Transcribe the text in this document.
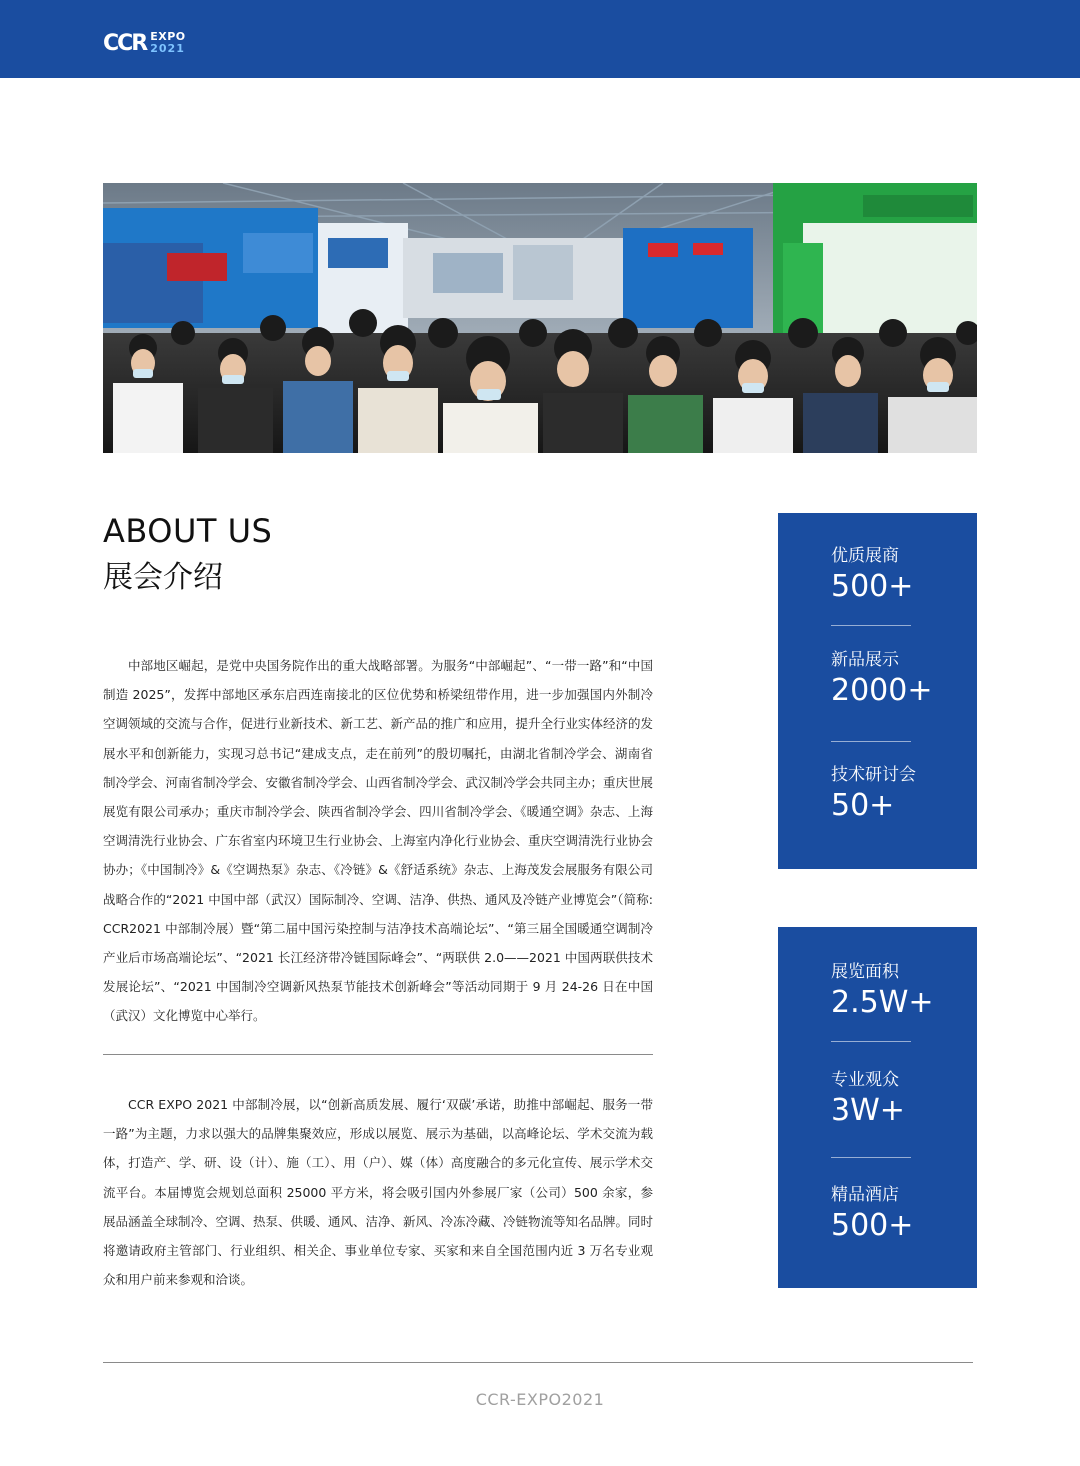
CCR EXPO
2021
ABOUT US
展会介绍

中部地区崛起，是党中央国务院作出的重大战略部署。为服务“中部崛起”、“一带一路”和“中国制造 2025”，发挥中部地区承东启西连南接北的区位优势和桥梁纽带作用，进一步加强国内外制冷空调领域的交流与合作，促进行业新技术、新工艺、新产品的推广和应用，提升全行业实体经济的发展水平和创新能力，实现习总书记“建成支点，走在前列”的殷切嘱托，由湖北省制冷学会、湖南省制冷学会、河南省制冷学会、安徽省制冷学会、山西省制冷学会、武汉制冷学会共同主办；重庆世展展览有限公司承办；重庆市制冷学会、陕西省制冷学会、四川省制冷学会、《暖通空调》杂志、上海空调清洗行业协会、广东省室内环境卫生行业协会、上海室内净化行业协会、重庆空调清洗行业协会协办；《中国制冷》&《空调热泵》杂志、《冷链》&《舒适系统》杂志、上海茂发会展服务有限公司战略合作的“2021 中国中部（武汉）国际制冷、空调、洁净、供热、通风及冷链产业博览会”（简称: CCR2021 中部制冷展）暨“第二届中国污染控制与洁净技术高端论坛”、“第三届全国暖通空调制冷产业后市场高端论坛”、“2021 长江经济带冷链国际峰会”、“两联供 2.0——2021 中国两联供技术发展论坛”、“2021 中国制冷空调新风热泵节能技术创新峰会”等活动同期于 9 月 24-26 日在中国（武汉）文化博览中心举行。

CCR EXPO 2021 中部制冷展，以“创新高质发展、履行‘双碳’承诺，助推中部崛起、服务一带一路”为主题，力求以强大的品牌集聚效应，形成以展览、展示为基础，以高峰论坛、学术交流为载体，打造产、学、研、设（计）、施（工）、用（户）、媒（体）高度融合的多元化宣传、展示学术交流平台。本届博览会规划总面积 25000 平方米，将会吸引国内外参展厂家（公司）500 余家，参展品涵盖全球制冷、空调、热泵、供暖、通风、洁净、新风、冷冻冷藏、冷链物流等知名品牌。同时将邀请政府主管部门、行业组织、相关企、事业单位专家、买家和来自全国范围内近 3 万名专业观众和用户前来参观和洽谈。

优质展商
500+
新品展示
2000+
技术研讨会
50+
展览面积
2.5W+
专业观众
3W+
精品酒店
500+
CCR-EXPO2021
